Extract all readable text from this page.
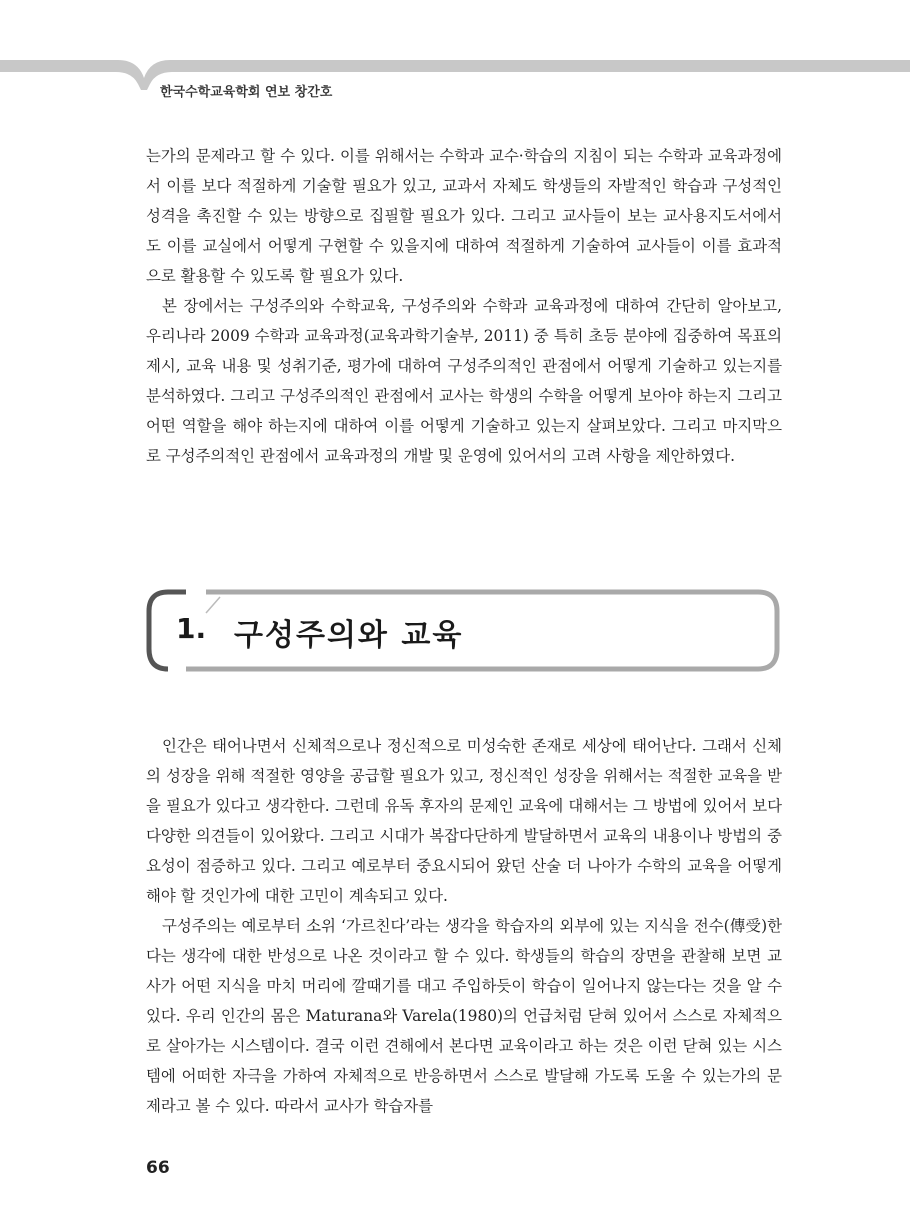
한국수학교육학회 연보 창간호

는가의 문제라고 할 수 있다. 이를 위해서는 수학과 교수·학습의 지침이 되는 수학과 교육과정에서 이를 보다 적절하게 기술할 필요가 있고, 교과서 자체도 학생들의 자발적인 학습과 구성적인 성격을 촉진할 수 있는 방향으로 집필할 필요가 있다. 그리고 교사들이 보는 교사용지도서에서도 이를 교실에서 어떻게 구현할 수 있을지에 대하여 적절하게 기술하여 교사들이 이를 효과적으로 활용할 수 있도록 할 필요가 있다.

본 장에서는 구성주의와 수학교육, 구성주의와 수학과 교육과정에 대하여 간단히 알아보고, 우리나라 2009 수학과 교육과정(교육과학기술부, 2011) 중 특히 초등 분야에 집중하여 목표의 제시, 교육 내용 및 성취기준, 평가에 대하여 구성주의적인 관점에서 어떻게 기술하고 있는지를 분석하였다. 그리고 구성주의적인 관점에서 교사는 학생의 수학을 어떻게 보아야 하는지 그리고 어떤 역할을 해야 하는지에 대하여 이를 어떻게 기술하고 있는지 살펴보았다. 그리고 마지막으로 구성주의적인 관점에서 교육과정의 개발 및 운영에 있어서의 고려 사항을 제안하였다.

1. 구성주의와 교육

인간은 태어나면서 신체적으로나 정신적으로 미성숙한 존재로 세상에 태어난다. 그래서 신체의 성장을 위해 적절한 영양을 공급할 필요가 있고, 정신적인 성장을 위해서는 적절한 교육을 받을 필요가 있다고 생각한다. 그런데 유독 후자의 문제인 교육에 대해서는 그 방법에 있어서 보다 다양한 의견들이 있어왔다. 그리고 시대가 복잡다단하게 발달하면서 교육의 내용이나 방법의 중요성이 점증하고 있다. 그리고 예로부터 중요시되어 왔던 산술 더 나아가 수학의 교육을 어떻게 해야 할 것인가에 대한 고민이 계속되고 있다.

구성주의는 예로부터 소위 ‘가르친다’라는 생각을 학습자의 외부에 있는 지식을 전수(傳受)한다는 생각에 대한 반성으로 나온 것이라고 할 수 있다. 학생들의 학습의 장면을 관찰해 보면 교사가 어떤 지식을 마치 머리에 깔때기를 대고 주입하듯이 학습이 일어나지 않는다는 것을 알 수 있다. 우리 인간의 몸은 Maturana와 Varela(1980)의 언급처럼 닫혀 있어서 스스로 자체적으로 살아가는 시스템이다. 결국 이런 견해에서 본다면 교육이라고 하는 것은 이런 닫혀 있는 시스템에 어떠한 자극을 가하여 자체적으로 반응하면서 스스로 발달해 가도록 도울 수 있는가의 문제라고 볼 수 있다. 따라서 교사가 학습자를

66
